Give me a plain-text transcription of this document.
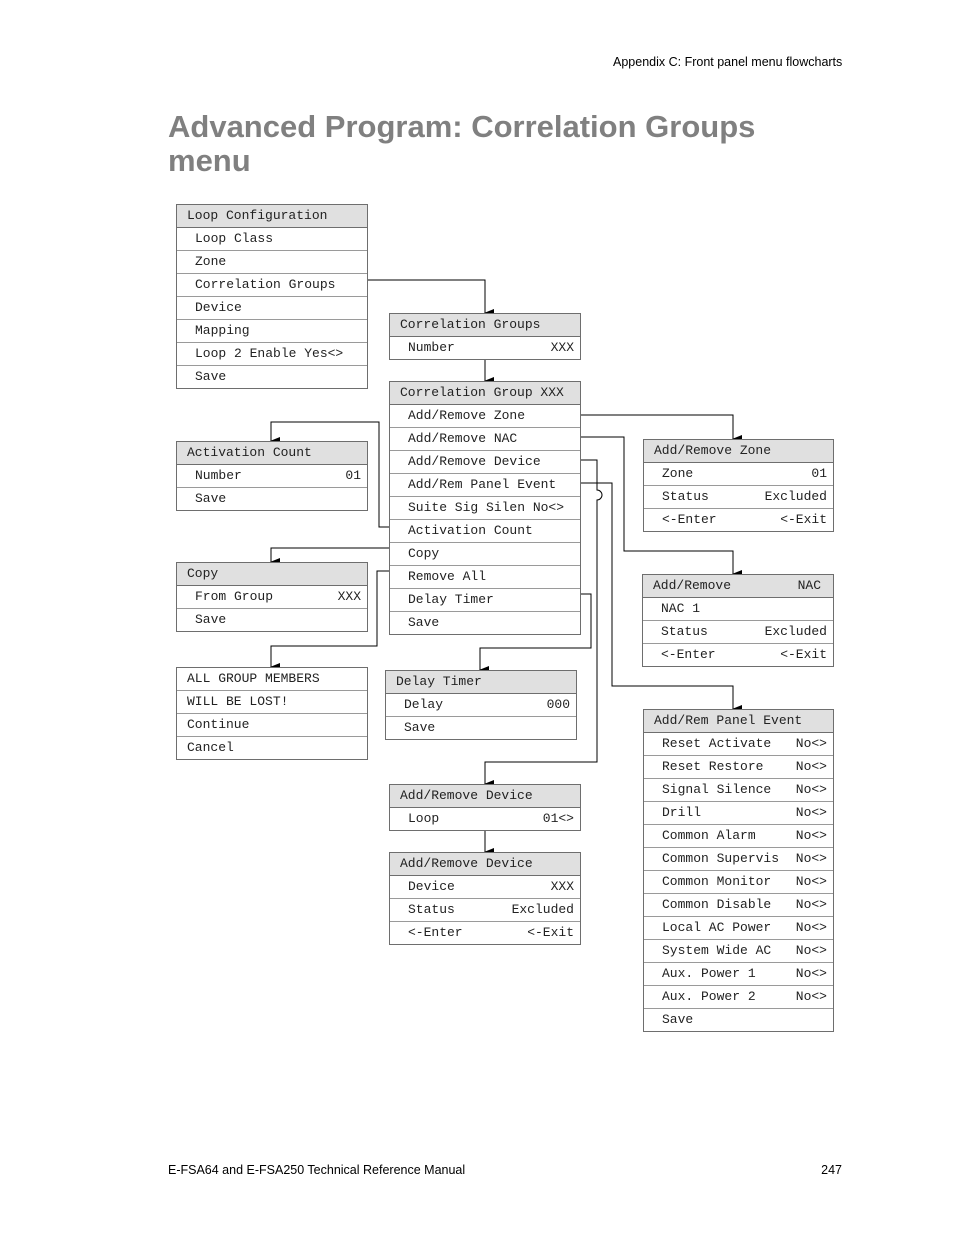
Appendix C: Front panel menu flowcharts
Advanced Program: Correlation Groups menu
Loop Configuration
Loop Class
Zone
Correlation Groups
Device
Mapping
Loop 2 Enable Yes<>
Save
Correlation Groups
Number	XXX
Correlation Group XXX
Add/Remove Zone
Add/Remove NAC
Add/Remove Device
Add/Rem Panel Event
Suite Sig Silen No<>
Activation Count
Copy
Remove All
Delay Timer
Save
Activation Count
Number	01
Save
Copy
From Group	XXX
Save
ALL GROUP MEMBERS
WILL BE LOST!
Continue
Cancel
Delay Timer
Delay	000
Save
Add/Remove Device
Loop	01<>
Add/Remove Device
Device	XXX
Status	Excluded
<-Enter	<-Exit
Add/Remove Zone
Zone	01
Status	Excluded
<-Enter	<-Exit
Add/Remove	NAC
NAC 1
Status	Excluded
<-Enter	<-Exit
Add/Rem Panel Event
Reset Activate No<>
Reset Restore No<>
Signal Silence No<>
Drill	No<>
Common Alarm	No<>
Common Supervis No<>
Common Monitor No<>
Common Disable No<>
Local AC Power No<>
System Wide AC No<>
Aux. Power 1	No<>
Aux. Power 2	No<>
Save
E-FSA64 and E-FSA250 Technical Reference Manual	247
